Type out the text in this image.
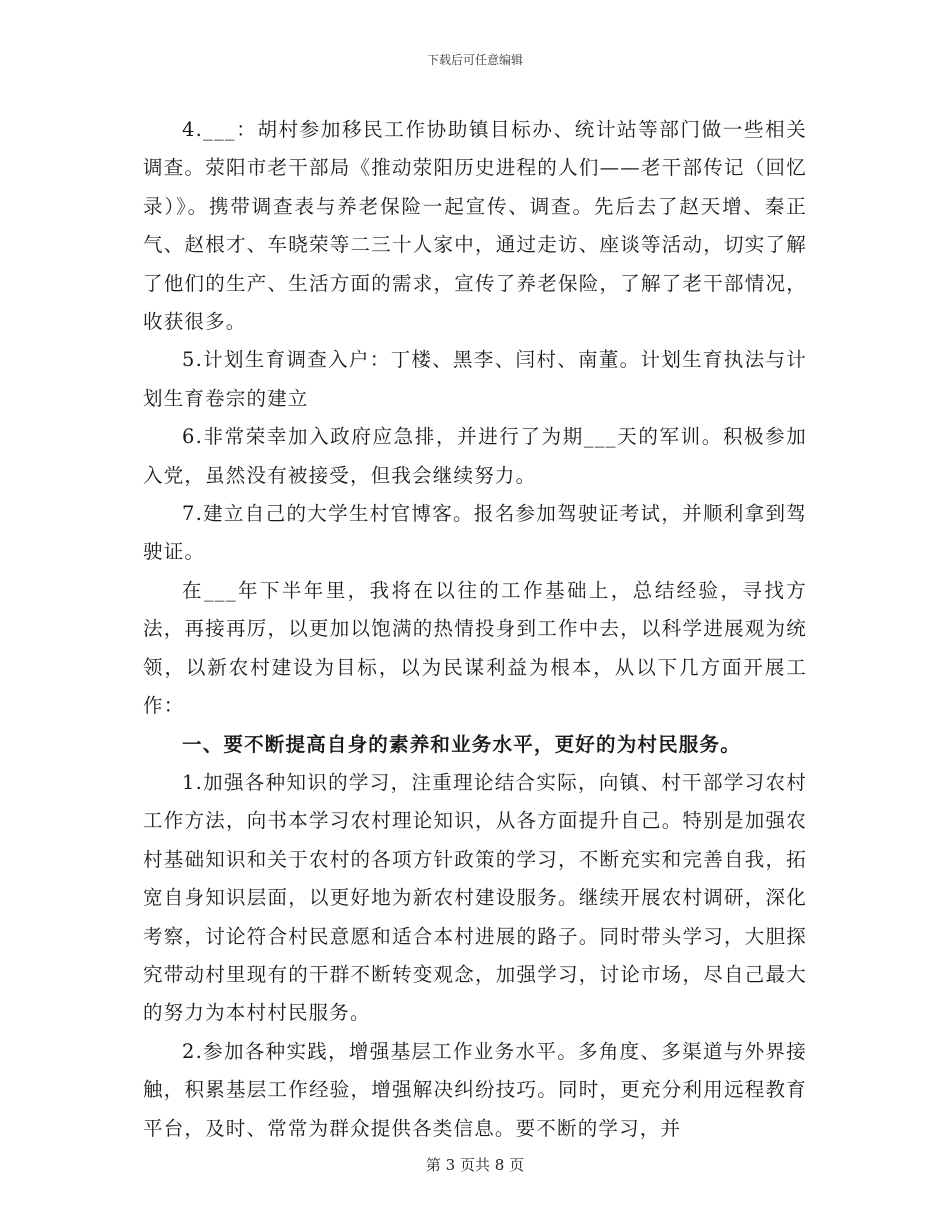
下载后可任意编辑

4.___：胡村参加移民工作协助镇目标办、统计站等部门做一些相关调查。荥阳市老干部局《推动荥阳历史进程的人们——老干部传记（回忆录）》。携带调查表与养老保险一起宣传、调查。先后去了赵天增、秦正气、赵根才、车晓荣等二三十人家中，通过走访、座谈等活动，切实了解了他们的生产、生活方面的需求，宣传了养老保险，了解了老干部情况，收获很多。

5.计划生育调查入户：丁楼、黑李、闫村、南董。计划生育执法与计划生育卷宗的建立

6.非常荣幸加入政府应急排，并进行了为期___天的军训。积极参加入党，虽然没有被接受，但我会继续努力。

7.建立自己的大学生村官博客。报名参加驾驶证考试，并顺利拿到驾驶证。

在___年下半年里，我将在以往的工作基础上，总结经验，寻找方法，再接再厉，以更加以饱满的热情投身到工作中去，以科学进展观为统领，以新农村建设为目标，以为民谋利益为根本，从以下几方面开展工作：

一、要不断提高自身的素养和业务水平，更好的为村民服务。

1.加强各种知识的学习，注重理论结合实际，向镇、村干部学习农村工作方法，向书本学习农村理论知识，从各方面提升自己。特别是加强农村基础知识和关于农村的各项方针政策的学习，不断充实和完善自我，拓宽自身知识层面，以更好地为新农村建设服务。继续开展农村调研，深化考察，讨论符合村民意愿和适合本村进展的路子。同时带头学习，大胆探究带动村里现有的干群不断转变观念，加强学习，讨论市场，尽自己最大的努力为本村村民服务。

2.参加各种实践，增强基层工作业务水平。多角度、多渠道与外界接触，积累基层工作经验，增强解决纠纷技巧。同时，更充分利用远程教育平台，及时、常常为群众提供各类信息。要不断的学习，并

第 3 页共 8 页
